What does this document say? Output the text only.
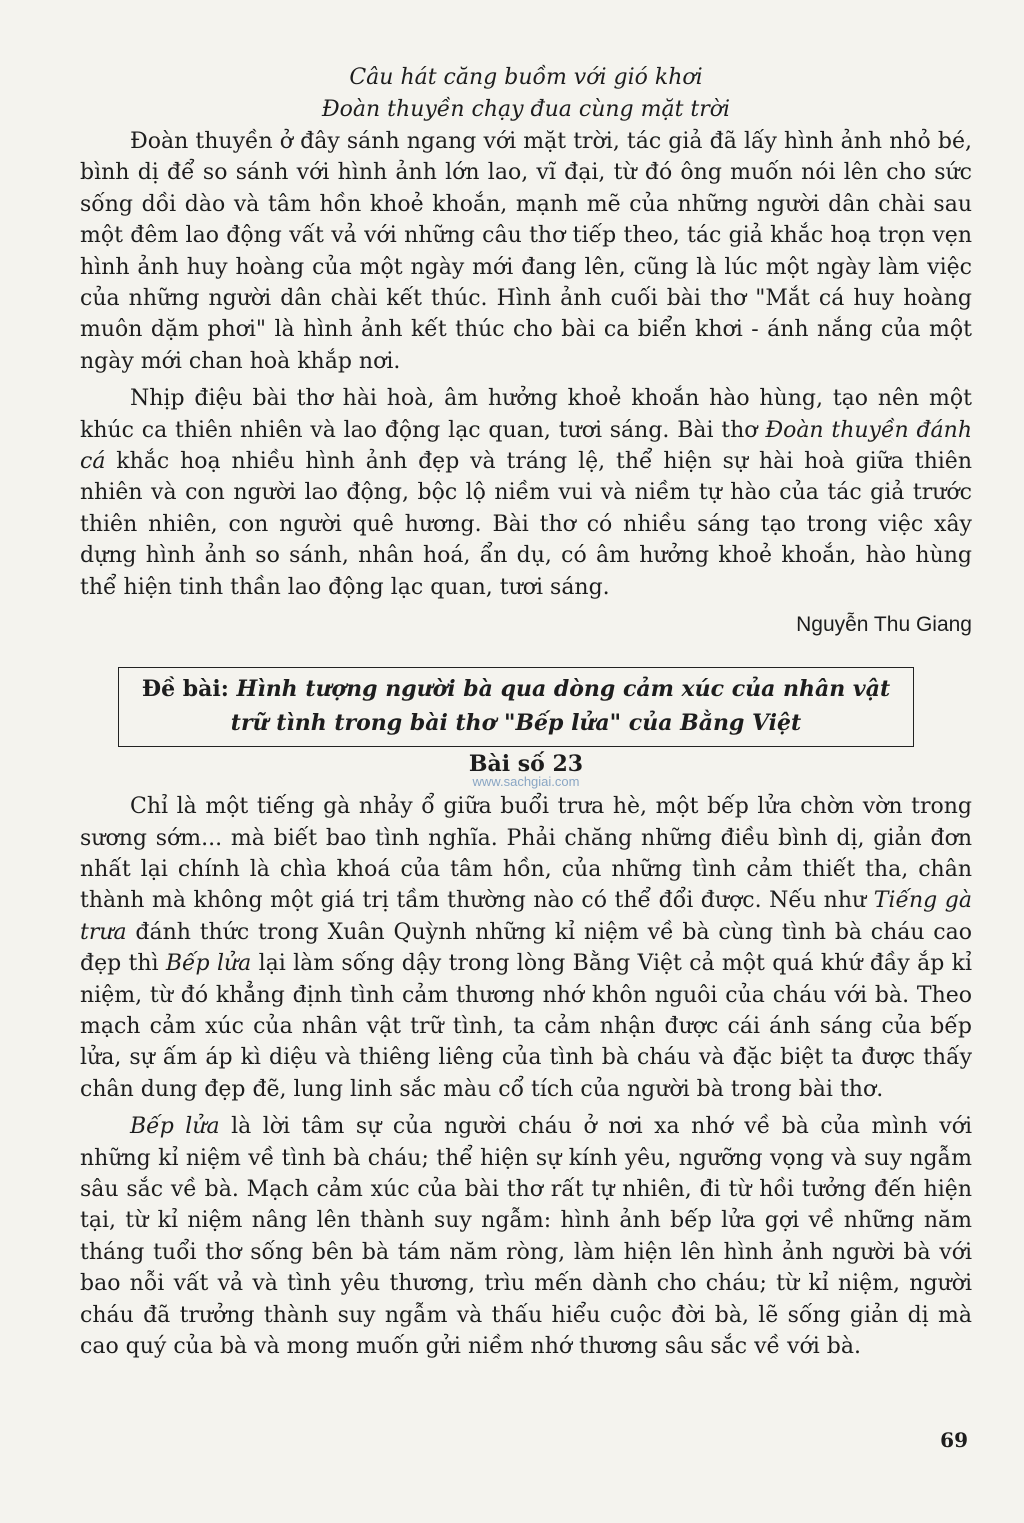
Câu hát căng buồm với gió khơi

Đoàn thuyền chạy đua cùng mặt trời

Đoàn thuyền ở đây sánh ngang với mặt trời, tác giả đã lấy hình ảnh nhỏ bé, bình dị để so sánh với hình ảnh lớn lao, vĩ đại, từ đó ông muốn nói lên cho sức sống dồi dào và tâm hồn khoẻ khoắn, mạnh mẽ của những người dân chài sau một đêm lao động vất vả với những câu thơ tiếp theo, tác giả khắc hoạ trọn vẹn hình ảnh huy hoàng của một ngày mới đang lên, cũng là lúc một ngày làm việc của những người dân chài kết thúc. Hình ảnh cuối bài thơ "Mắt cá huy hoàng muôn dặm phơi" là hình ảnh kết thúc cho bài ca biển khơi - ánh nắng của một ngày mới chan hoà khắp nơi.

Nhịp điệu bài thơ hài hoà, âm hưởng khoẻ khoắn hào hùng, tạo nên một khúc ca thiên nhiên và lao động lạc quan, tươi sáng. Bài thơ Đoàn thuyền đánh cá khắc hoạ nhiều hình ảnh đẹp và tráng lệ, thể hiện sự hài hoà giữa thiên nhiên và con người lao động, bộc lộ niềm vui và niềm tự hào của tác giả trước thiên nhiên, con người quê hương. Bài thơ có nhiều sáng tạo trong việc xây dựng hình ảnh so sánh, nhân hoá, ẩn dụ, có âm hưởng khoẻ khoắn, hào hùng thể hiện tinh thần lao động lạc quan, tươi sáng.

Nguyễn Thu Giang

Đề bài: Hình tượng người bà qua dòng cảm xúc của nhân vật
trữ tình trong bài thơ "Bếp lửa" của Bằng Việt

Bài số 23

www.sachgiai.com

Chỉ là một tiếng gà nhảy ổ giữa buổi trưa hè, một bếp lửa chờn vờn trong sương sớm... mà biết bao tình nghĩa. Phải chăng những điều bình dị, giản đơn nhất lại chính là chìa khoá của tâm hồn, của những tình cảm thiết tha, chân thành mà không một giá trị tầm thường nào có thể đổi được. Nếu như Tiếng gà trưa đánh thức trong Xuân Quỳnh những kỉ niệm về bà cùng tình bà cháu cao đẹp thì Bếp lửa lại làm sống dậy trong lòng Bằng Việt cả một quá khứ đầy ắp kỉ niệm, từ đó khẳng định tình cảm thương nhớ khôn nguôi của cháu với bà. Theo mạch cảm xúc của nhân vật trữ tình, ta cảm nhận được cái ánh sáng của bếp lửa, sự ấm áp kì diệu và thiêng liêng của tình bà cháu và đặc biệt ta được thấy chân dung đẹp đẽ, lung linh sắc màu cổ tích của người bà trong bài thơ.

Bếp lửa là lời tâm sự của người cháu ở nơi xa nhớ về bà của mình với những kỉ niệm về tình bà cháu; thể hiện sự kính yêu, ngưỡng vọng và suy ngẫm sâu sắc về bà. Mạch cảm xúc của bài thơ rất tự nhiên, đi từ hồi tưởng đến hiện tại, từ kỉ niệm nâng lên thành suy ngẫm: hình ảnh bếp lửa gợi về những năm tháng tuổi thơ sống bên bà tám năm ròng, làm hiện lên hình ảnh người bà với bao nỗi vất vả và tình yêu thương, trìu mến dành cho cháu; từ kỉ niệm, người cháu đã trưởng thành suy ngẫm và thấu hiểu cuộc đời bà, lẽ sống giản dị mà cao quý của bà và mong muốn gửi niềm nhớ thương sâu sắc về với bà.

69
